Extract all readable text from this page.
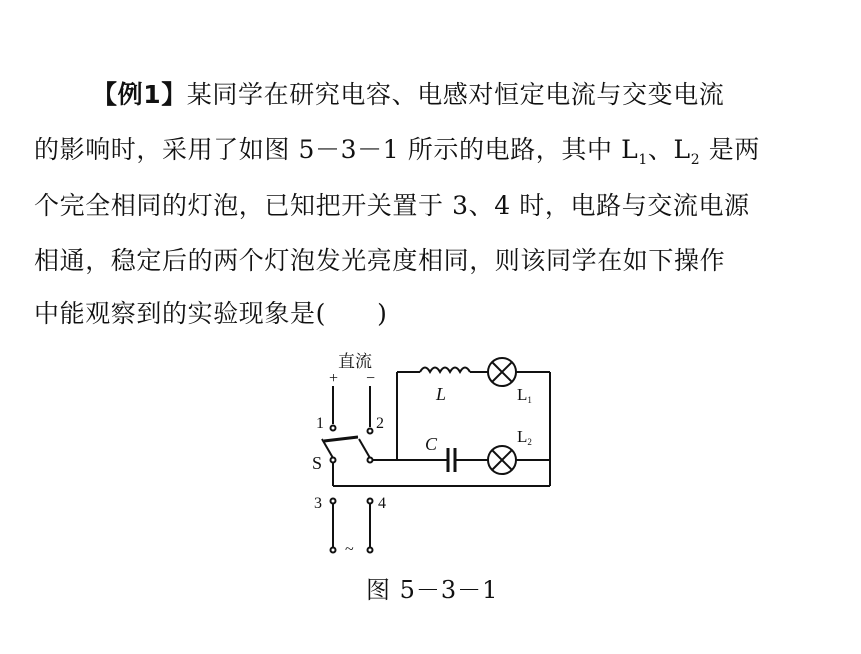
【例1】某同学在研究电容、电感对恒定电流与交变电流
的影响时，采用了如图 5－3－1 所示的电路，其中 $L_1$、$L_2$ 是两
个完全相同的灯泡，已知把开关置于 3、4 时，电路与交流电源
相通，稳定后的两个灯泡发光亮度相同，则该同学在如下操作
中能观察到的实验现象是(　　)
直流
+ −
1	2
S
3	4
~
L	L1
C	L2
图 5－3－1
